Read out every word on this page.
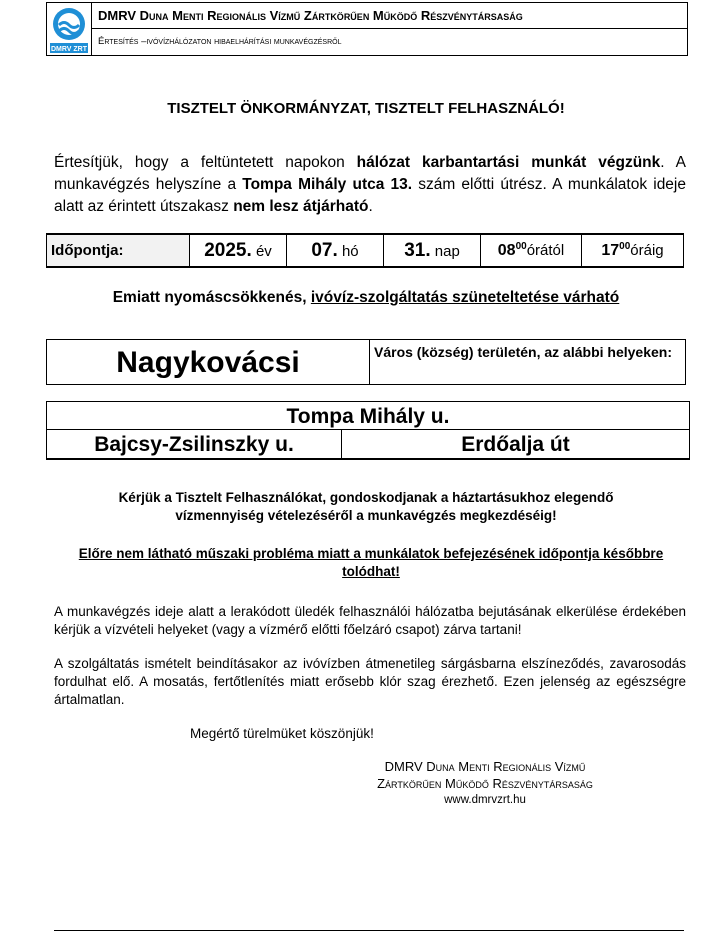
DMRV ZRT
DMRV Duna Menti Regionális Vízmű Zártkörűen Működő Részvénytársaság
Értesítés –ivóvízhálózaton hibaelhárítási munkavégzésről
TISZTELT ÖNKORMÁNYZAT, TISZTELT FELHASZNÁLÓ!

Értesítjük, hogy a feltüntetett napokon hálózat karbantartási munkát végzünk. A munkavégzés helyszíne a Tompa Mihály utca 13. szám előtti útrész. A munkálatok ideje alatt az érintett útszakasz nem lesz átjárható.

Időpontja:	2025. év	07. hó	31. nap	$08^{00}órától$	$17^{00}óráig$
Emiatt nyomáscsökkenés, ivóvíz-szolgáltatás szüneteltetése várható
Nagykovácsi	Város (község) területén, az alábbi helyeken:
Tompa Mihály u.
Bajcsy-Zsilinszky u.	Erdőalja út

Kérjük a Tisztelt Felhasználókat, gondoskodjanak a háztartásukhoz elegendő vízmennyiség vételezéséről a munkavégzés megkezdéséig!

Előre nem látható műszaki probléma miatt a munkálatok befejezésének időpontja későbbre tolódhat!

A munkavégzés ideje alatt a lerakódott üledék felhasználói hálózatba bejutásának elkerülése érdekében kérjük a vízvételi helyeket (vagy a vízmérő előtti főelzáró csapot) zárva tartani!

A szolgáltatás ismételt beindításakor az ivóvízben átmenetileg sárgásbarna elszíneződés, zavarosodás fordulhat elő. A mosatás, fertőtlenítés miatt erősebb klór szag érezhető. Ezen jelenség az egészségre ártalmatlan.

Megértő türelmüket köszönjük!

DMRV Duna Menti Regionális Vízmű
Zártkörűen Működő Részvénytársaság
www.dmrvzrt.hu
